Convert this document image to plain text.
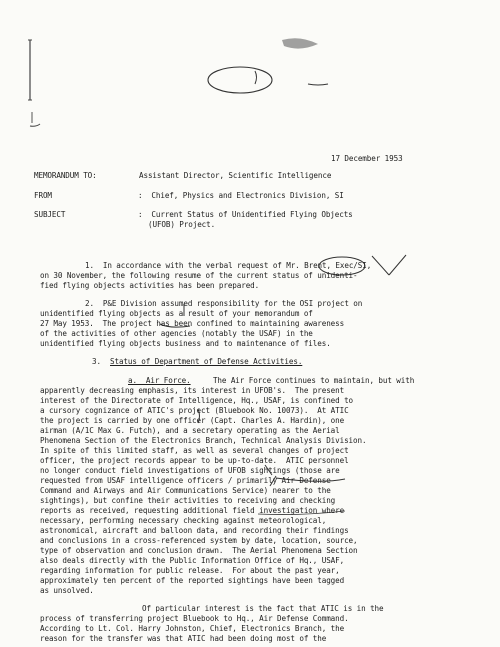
17 December 1953
MEMORANDUM TO:	Assistant Director, Scientific Intelligence
FROM	:  Chief, Physics and Electronics Division, SI
SUBJECT	:  Current Status of Unidentified Flying Objects
(UFOB) Project.
1.  In accordance with the verbal request of Mr. Brent, Exec/SI,
on 30 November, the following resume of the current status of unidenti-
fied flying objects activities has been prepared.
2.  P&E Division assumed responsibility for the OSI project on
unidentified flying objects as a result of your memorandum of
27 May 1953.  The project has been confined to maintaining awareness
of the activities of other agencies (notably the USAF) in the
unidentified flying objects business and to maintenance of files.
3. Status of Department of Defense Activities.
a.  Air Force. The Air Force continues to maintain, but with
apparently decreasing emphasis, its interest in UFOB's.  The present
interest of the Directorate of Intelligence, Hq., USAF, is confined to
a cursory cognizance of ATIC's project (Bluebook No. 10073).  At ATIC
the project is carried by one officer (Capt. Charles A. Hardin), one
airman (A/1C Max G. Futch), and a secretary operating as the Aerial
Phenomena Section of the Electronics Branch, Technical Analysis Division.
In spite of this limited staff, as well as several changes of project
officer, the project records appear to be up-to-date.  ATIC personnel
no longer conduct field investigations of UFOB sightings (those are
requested from USAF intelligence officers / primarily Air Defense
Command and Airways and Air Communications Service) nearer to the
sightings), but confine their activities to receiving and checking
reports as received, requesting additional field investigation where
necessary, performing necessary checking against meteorological,
astronomical, aircraft and balloon data, and recording their findings
and conclusions in a cross-referenced system by date, location, source,
type of observation and conclusion drawn.  The Aerial Phenomena Section
also deals directly with the Public Information Office of Hq., USAF,
regarding information for public release.  For about the past year,
approximately ten percent of the reported sightings have been tagged
as unsolved.
Of particular interest is the fact that ATIC is in the
process of transferring project Bluebook to Hq., Air Defense Command.
According to Lt. Col. Harry Johnston, Chief, Electronics Branch, the
reason for the transfer was that ATIC had been doing most of the
